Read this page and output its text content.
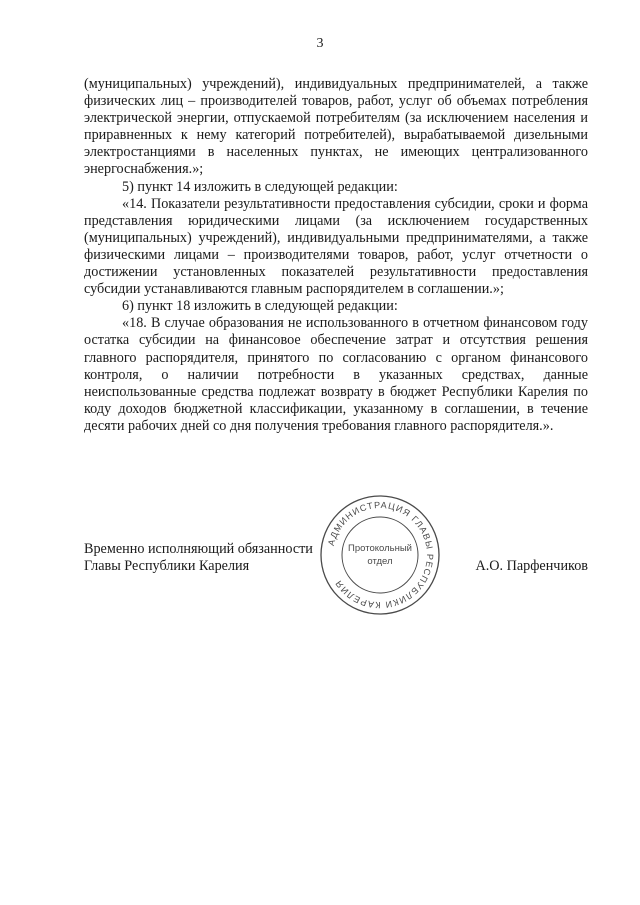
3

(муниципальных) учреждений), индивидуальных предпринимателей, а также физических лиц – производителей товаров, работ, услуг об объемах потребления электрической энергии, отпускаемой потребителям (за исключением населения и приравненных к нему категорий потребителей), вырабатываемой дизельными электростанциями в населенных пунктах, не имеющих централизованного энергоснабжения.»;

5) пункт 14 изложить в следующей редакции:

«14. Показатели результативности предоставления субсидии, сроки и форма представления юридическими лицами (за исключением государственных (муниципальных) учреждений), индивидуальными предпринимателями, а также физическими лицами – производителями товаров, работ, услуг отчетности о достижении установленных показателей результативности предоставления субсидии устанавливаются главным распорядителем в соглашении.»;

6) пункт 18 изложить в следующей редакции:

«18. В случае образования не использованного в отчетном финансовом году остатка субсидии на финансовое обеспечение затрат и отсутствия решения главного распорядителя, принятого по согласованию с органом финансового контроля, о наличии потребности в указанных средствах, данные неиспользованные средства подлежат возврату в бюджет Республики Карелия по коду доходов бюджетной классификации, указанному в соглашении, в течение десяти рабочих дней со дня получения требования главного распорядителя.».

Временно исполняющий обязанности
Главы Республики Карелия	А.О. Парфенчиков
АДМИНИСТРАЦИЯ ГЛАВЫ РЕСПУБЛИКИ КАРЕЛИЯ
Протокольный
отдел
